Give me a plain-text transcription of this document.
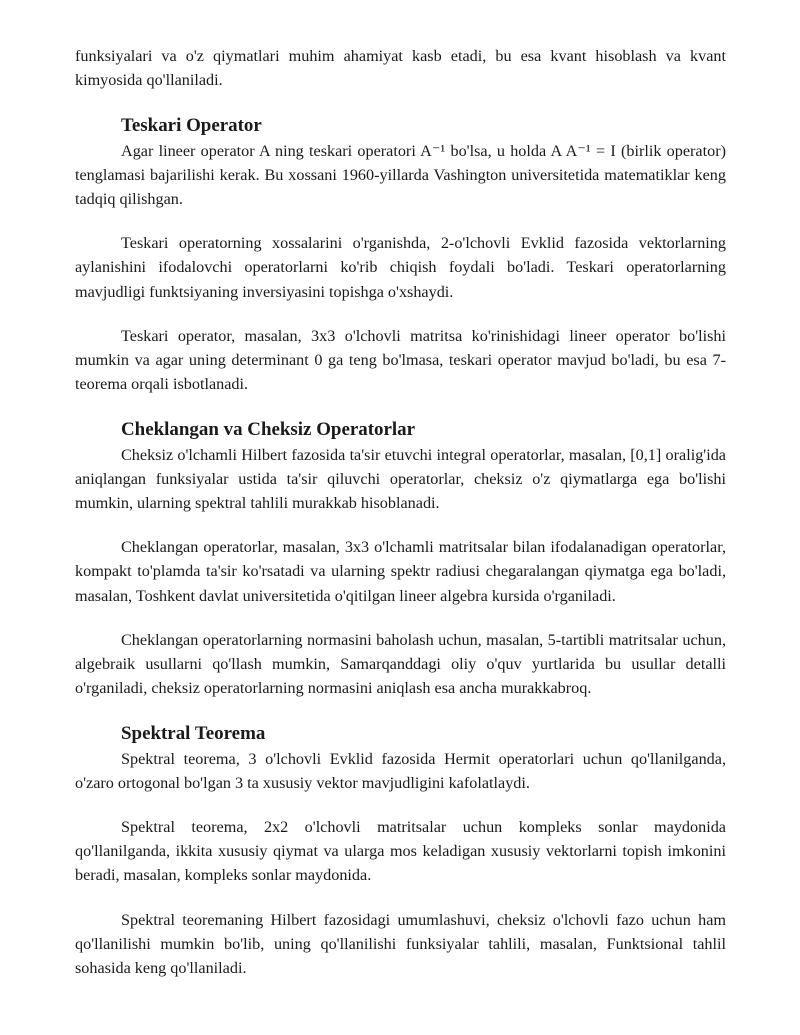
funksiyalari va o'z qiymatlari muhim ahamiyat kasb etadi, bu esa kvant hisoblash va kvant kimyosida qo'llaniladi.

Teskari Operator

Agar lineer operator A ning teskari operatori A⁻¹ bo'lsa, u holda A A⁻¹ = I (birlik operator) tenglamasi bajarilishi kerak. Bu xossani 1960-yillarda Vashington universitetida matematiklar keng tadqiq qilishgan.

Teskari operatorning xossalarini o'rganishda, 2-o'lchovli Evklid fazosida vektorlarning aylanishini ifodalovchi operatorlarni ko'rib chiqish foydali bo'ladi. Teskari operatorlarning mavjudligi funktsiyaning inversiyasini topishga o'xshaydi.

Teskari operator, masalan, 3x3 o'lchovli matritsa ko'rinishidagi lineer operator bo'lishi mumkin va agar uning determinant 0 ga teng bo'lmasa, teskari operator mavjud bo'ladi, bu esa 7-teorema orqali isbotlanadi.

Cheklangan va Cheksiz Operatorlar

Cheksiz o'lchamli Hilbert fazosida ta'sir etuvchi integral operatorlar, masalan, [0,1] oralig'ida aniqlangan funksiyalar ustida ta'sir qiluvchi operatorlar, cheksiz o'z qiymatlarga ega bo'lishi mumkin, ularning spektral tahlili murakkab hisoblanadi.

Cheklangan operatorlar, masalan, 3x3 o'lchamli matritsalar bilan ifodalanadigan operatorlar, kompakt to'plamda ta'sir ko'rsatadi va ularning spektr radiusi chegaralangan qiymatga ega bo'ladi, masalan, Toshkent davlat universitetida o'qitilgan lineer algebra kursida o'rganiladi.

Cheklangan operatorlarning normasini baholash uchun, masalan, 5-tartibli matritsalar uchun, algebraik usullarni qo'llash mumkin, Samarqanddagi oliy o'quv yurtlarida bu usullar detalli o'rganiladi, cheksiz operatorlarning normasini aniqlash esa ancha murakkabroq.

Spektral Teorema

Spektral teorema, 3 o'lchovli Evklid fazosida Hermit operatorlari uchun qo'llanilganda, o'zaro ortogonal bo'lgan 3 ta xususiy vektor mavjudligini kafolatlaydi.

Spektral teorema, 2x2 o'lchovli matritsalar uchun kompleks sonlar maydonida qo'llanilganda, ikkita xususiy qiymat va ularga mos keladigan xususiy vektorlarni topish imkonini beradi, masalan, kompleks sonlar maydonida.

Spektral teoremaning Hilbert fazosidagi umumlashuvi, cheksiz o'lchovli fazo uchun ham qo'llanilishi mumkin bo'lib, uning qo'llanilishi funksiyalar tahlili, masalan, Funktsional tahlil sohasida keng qo'llaniladi.
